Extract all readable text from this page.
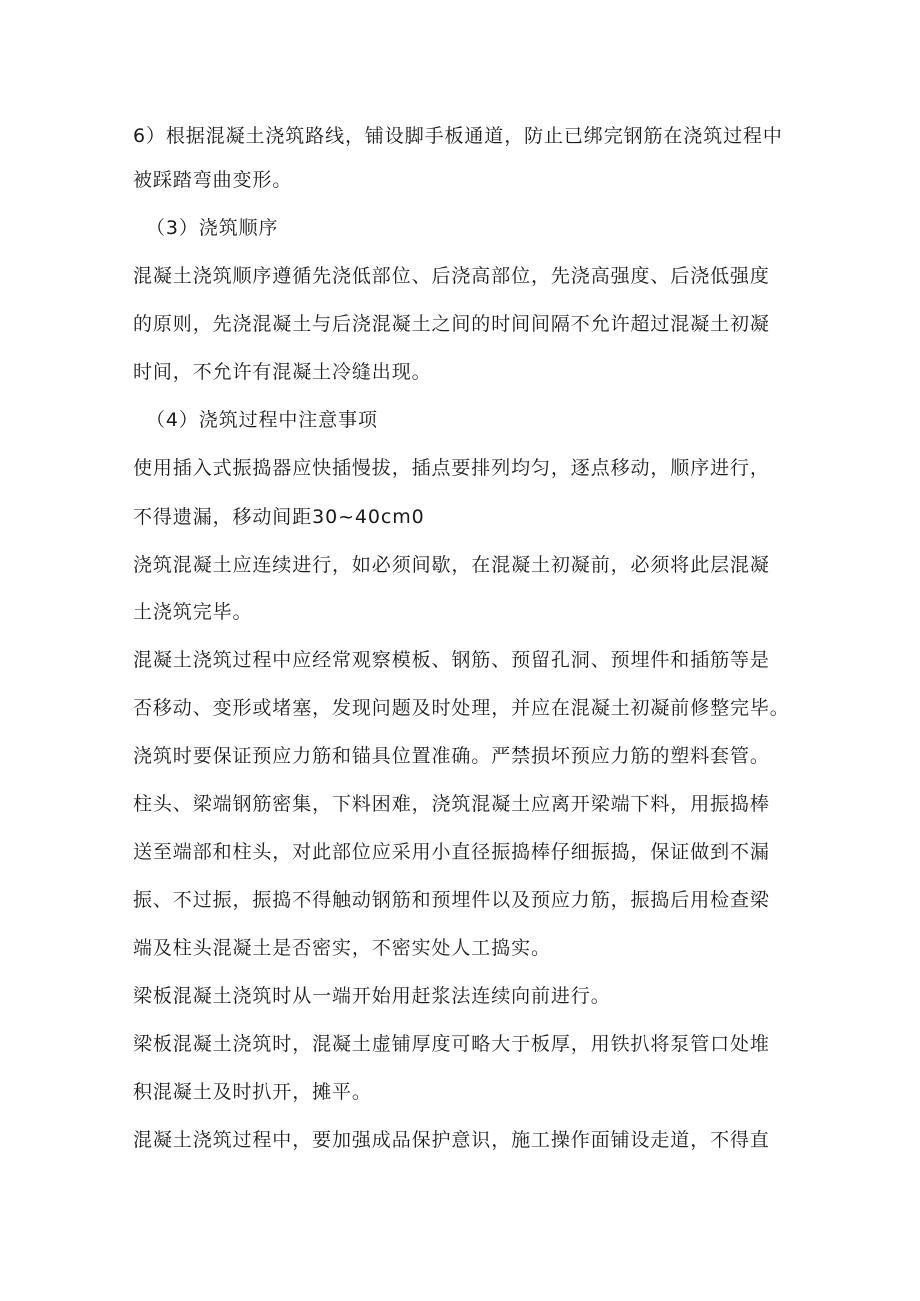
6）根据混凝土浇筑路线，铺设脚手板通道，防止已绑完钢筋在浇筑过程中
被踩踏弯曲变形。
（3）浇筑顺序
混凝土浇筑顺序遵循先浇低部位、后浇高部位，先浇高强度、后浇低强度
的原则，先浇混凝土与后浇混凝土之间的时间间隔不允许超过混凝土初凝
时间，不允许有混凝土冷缝出现。
（4）浇筑过程中注意事项
使用插入式振捣器应快插慢拔，插点要排列均匀，逐点移动，顺序进行，
不得遗漏，移动间距30~40cm0
浇筑混凝土应连续进行，如必须间歇，在混凝土初凝前，必须将此层混凝
土浇筑完毕。
混凝土浇筑过程中应经常观察模板、钢筋、预留孔洞、预埋件和插筋等是
否移动、变形或堵塞，发现问题及时处理，并应在混凝土初凝前修整完毕。
浇筑时要保证预应力筋和锚具位置准确。严禁损坏预应力筋的塑料套管。
柱头、梁端钢筋密集，下料困难，浇筑混凝土应离开梁端下料，用振捣棒
送至端部和柱头，对此部位应采用小直径振捣棒仔细振捣，保证做到不漏
振、不过振，振捣不得触动钢筋和预埋件以及预应力筋，振捣后用检查梁
端及柱头混凝土是否密实，不密实处人工捣实。
梁板混凝土浇筑时从一端开始用赶浆法连续向前进行。
梁板混凝土浇筑时，混凝土虚铺厚度可略大于板厚，用铁扒将泵管口处堆
积混凝土及时扒开，摊平。
混凝土浇筑过程中，要加强成品保护意识，施工操作面铺设走道，不得直
